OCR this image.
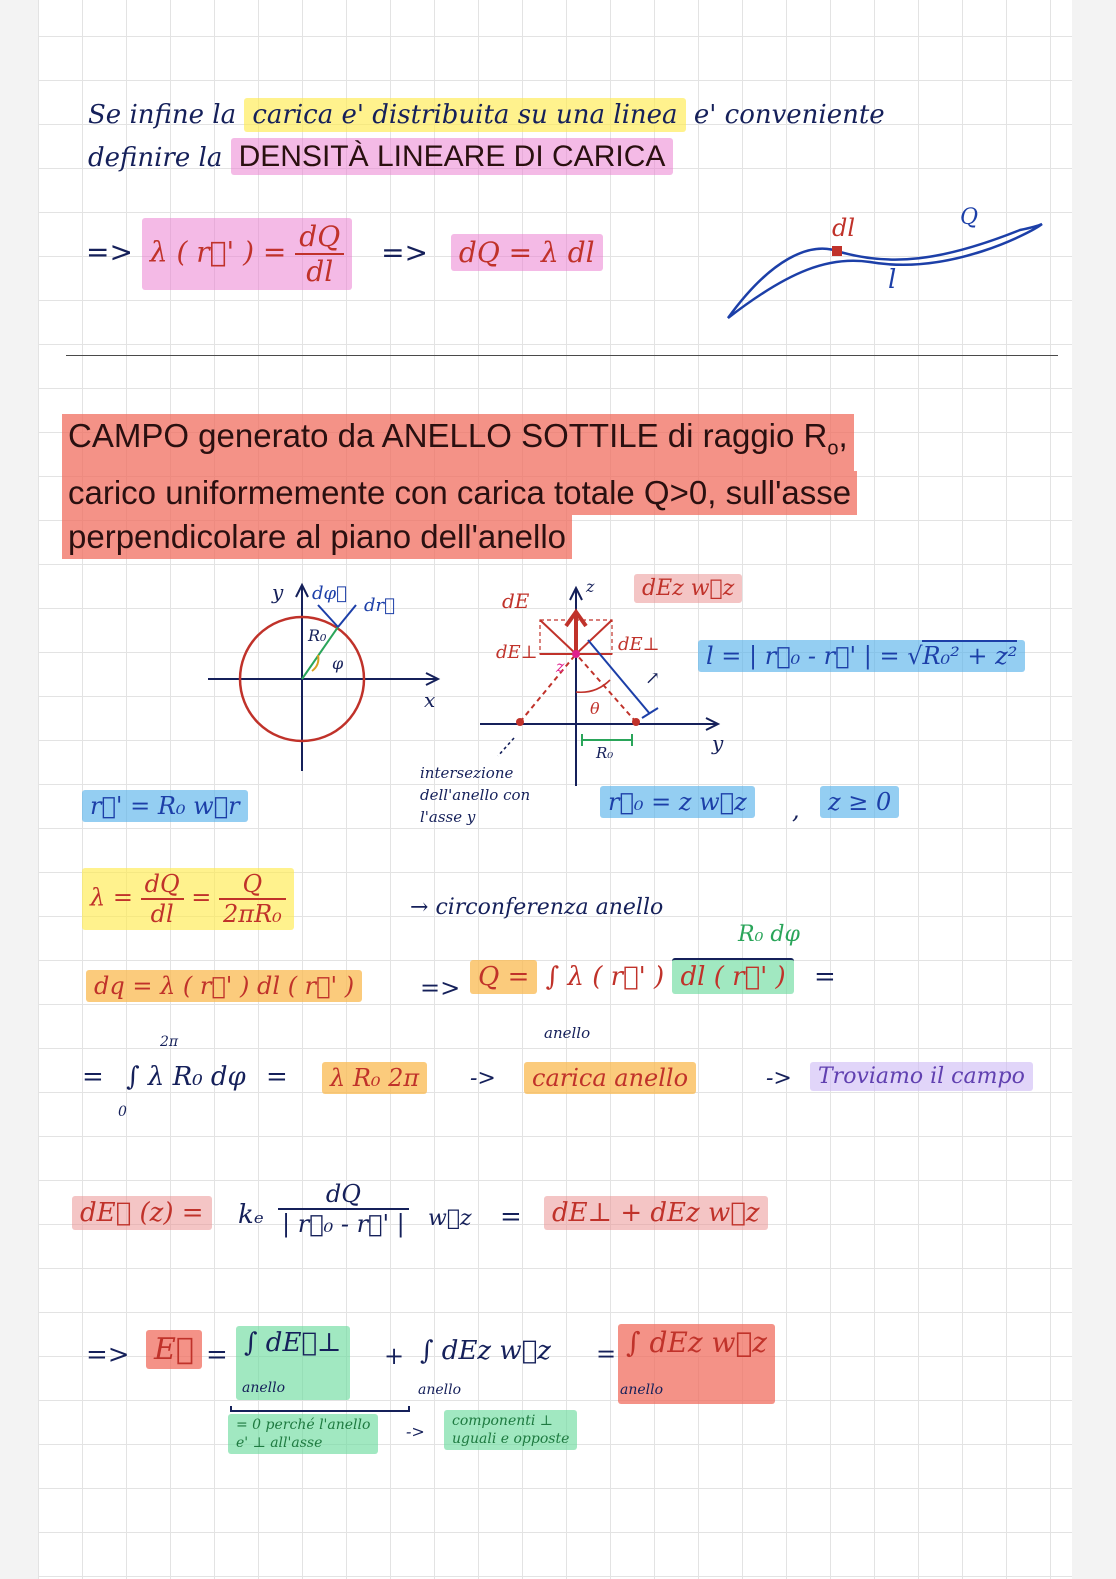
Se infine la carica e' distribuita su una linea e' conveniente
definire la DENSITÀ LINEARE DI CARICA
=> λ ( r⃗' ) = $\frac{dQ}{dl}$ => dQ = λ dl
dl	Q
l
CAMPO generato da ANELLO SOTTILE di raggio $R_o$,
carico uniformemente con carica totale Q>0, sull'asse
perpendicolare al piano dell'anello
y
x
dφ⃗
dr⃗
R₀
φ
dE
dE⊥	dE⊥
z
y
z
θ
R₀
dEz w⃗z
intersezione
dell'anello con
l'asse y
↗
l = | r⃗₀ - r⃗' | = √R₀² + z²
r⃗' = R₀ w⃗r	r⃗₀ = z w⃗z	,	z ≥ 0
$\lambda = \frac{dQ}{dl} = \frac{Q}{\text{2πR₀}}$	→ circonferenza anello
R₀ dφ
dq = λ ( r⃗' ) dl ( r⃗' )	=> Q = ∫ λ ( r⃗' ) dl ( r⃗' ) =
anello
2π
0
= ∫ λ R₀ dφ =	λ R₀ 2π	->	carica anello	->	Troviamo il campo
dE⃗ (z) =	kₑ $\frac{dQ}{\text{| r⃗₀ - r⃗' |}}$ w⃗z =	dE⊥ + dEz w⃗z
=> E⃗ = ∫ dE⃗⊥
anello
+ ∫ dEz w⃗z
anello
= ∫ dEz w⃗z
anello
= 0 perché l'anello
e' ⊥ all'asse
->
componenti ⊥
uguali e opposte
